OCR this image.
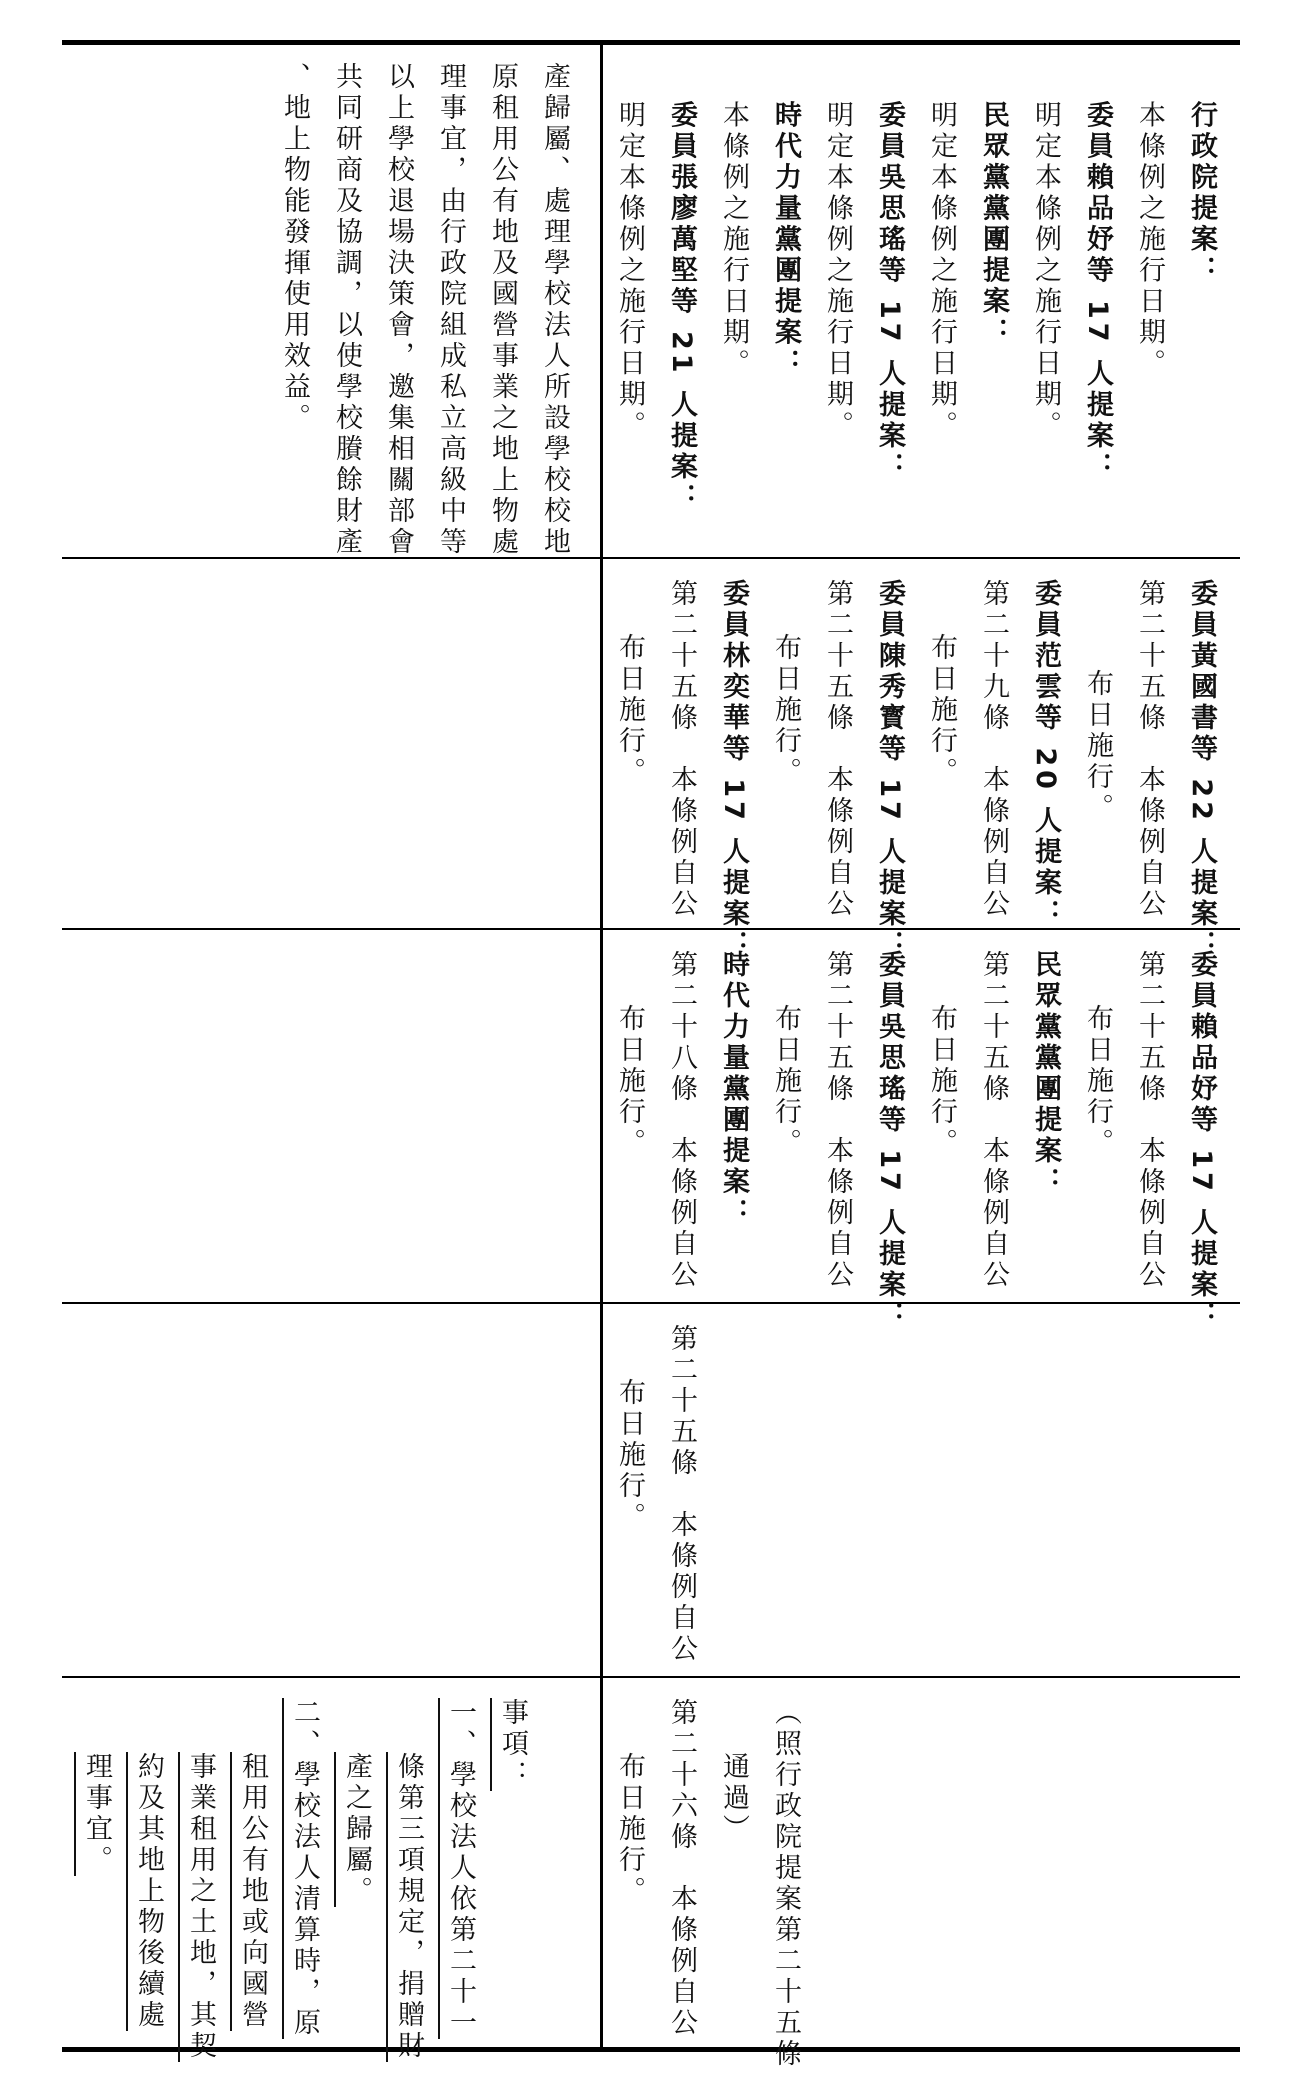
產歸屬、處理學校法人所設學校校地
原租用公有地及國營事業之地上物處
理事宜，由行政院組成私立高級中等
以上學校退場決策會，邀集相關部會
共同研商及協調，以使學校賸餘財產
、地上物能發揮使用效益。	行政院提案：
本條例之施行日期。
委員賴品妤等 17 人提案：
明定本條例之施行日期。
民眾黨黨團提案：
明定本條例之施行日期。
委員吳思瑤等 17 人提案：
明定本條例之施行日期。
時代力量黨團提案：
本條例之施行日期。
委員張廖萬堅等 21 人提案：
明定本條例之施行日期。
委員黃國書等 22 人提案：
第二十五條　本條例自公
布日施行。
委員范雲等 20 人提案：
第二十九條　本條例自公
布日施行。
委員陳秀寳等 17 人提案：
第二十五條　本條例自公
布日施行。
委員林奕華等 17 人提案：
第二十五條　本條例自公
布日施行。
委員賴品妤等 17 人提案：
第二十五條　本條例自公
布日施行。
民眾黨黨團提案：
第二十五條　本條例自公
布日施行。
委員吳思瑤等 17 人提案：
第二十五條　本條例自公
布日施行。
時代力量黨團提案：
第二十八條　本條例自公
布日施行。
第二十五條　本條例自公
布日施行。
（照行政院提案第二十五條
通過）
第二十六條　本條例自公
布日施行。
事項：
一、學校法人依第二十一
條第三項規定，捐贈財
產之歸屬。
二、學校法人清算時，原
租用公有地或向國營
事業租用之土地，其契
約及其地上物後續處
理事宜。
